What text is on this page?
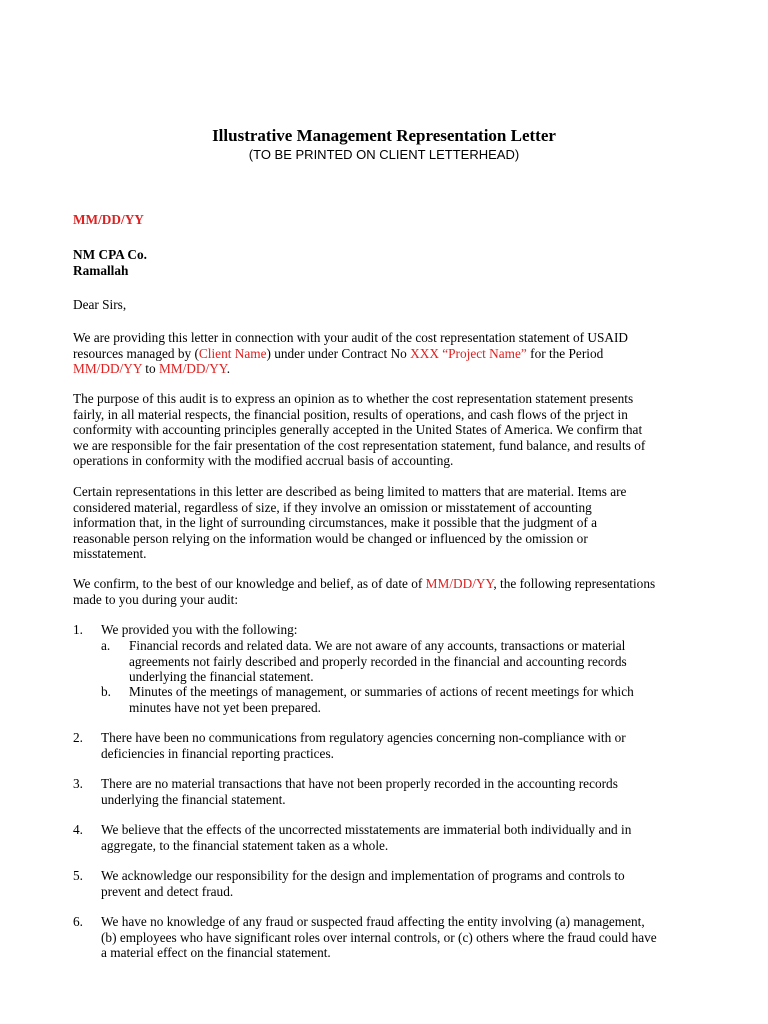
Illustrative Management Representation Letter
(TO BE PRINTED ON CLIENT LETTERHEAD)
MM/DD/YY
NM CPA Co.
Ramallah
Dear Sirs,
We are providing this letter in connection with your audit of the cost representation statement of USAID
resources managed by (Client Name) under under Contract No XXX “Project Name” for the Period
MM/DD/YY to MM/DD/YY.
The purpose of this audit is to express an opinion as to whether the cost representation statement presents
fairly, in all material respects, the financial position, results of operations, and cash flows of the prject in
conformity with accounting principles generally accepted in the United States of America. We confirm that
we are responsible for the fair presentation of the cost representation statement, fund balance, and results of
operations in conformity with the modified accrual basis of accounting.
Certain representations in this letter are described as being limited to matters that are material. Items are
considered material, regardless of size, if they involve an omission or misstatement of accounting
information that, in the light of surrounding circumstances, make it possible that the judgment of a
reasonable person relying on the information would be changed or influenced by the omission or
misstatement.
We confirm, to the best of our knowledge and belief, as of date of MM/DD/YY, the following representations
made to you during your audit:
1. We provided you with the following:
a. Financial records and related data. We are not aware of any accounts, transactions or material
agreements not fairly described and properly recorded in the financial and accounting records
underlying the financial statement.
b. Minutes of the meetings of management, or summaries of actions of recent meetings for which
minutes have not yet been prepared.
2. There have been no communications from regulatory agencies concerning non-compliance with or
deficiencies in financial reporting practices.
3. There are no material transactions that have not been properly recorded in the accounting records
underlying the financial statement.
4. We believe that the effects of the uncorrected misstatements are immaterial both individually and in
aggregate, to the financial statement taken as a whole.
5. We acknowledge our responsibility for the design and implementation of programs and controls to
prevent and detect fraud.
6. We have no knowledge of any fraud or suspected fraud affecting the entity involving (a) management,
(b) employees who have significant roles over internal controls, or (c) others where the fraud could have
a material effect on the financial statement.
